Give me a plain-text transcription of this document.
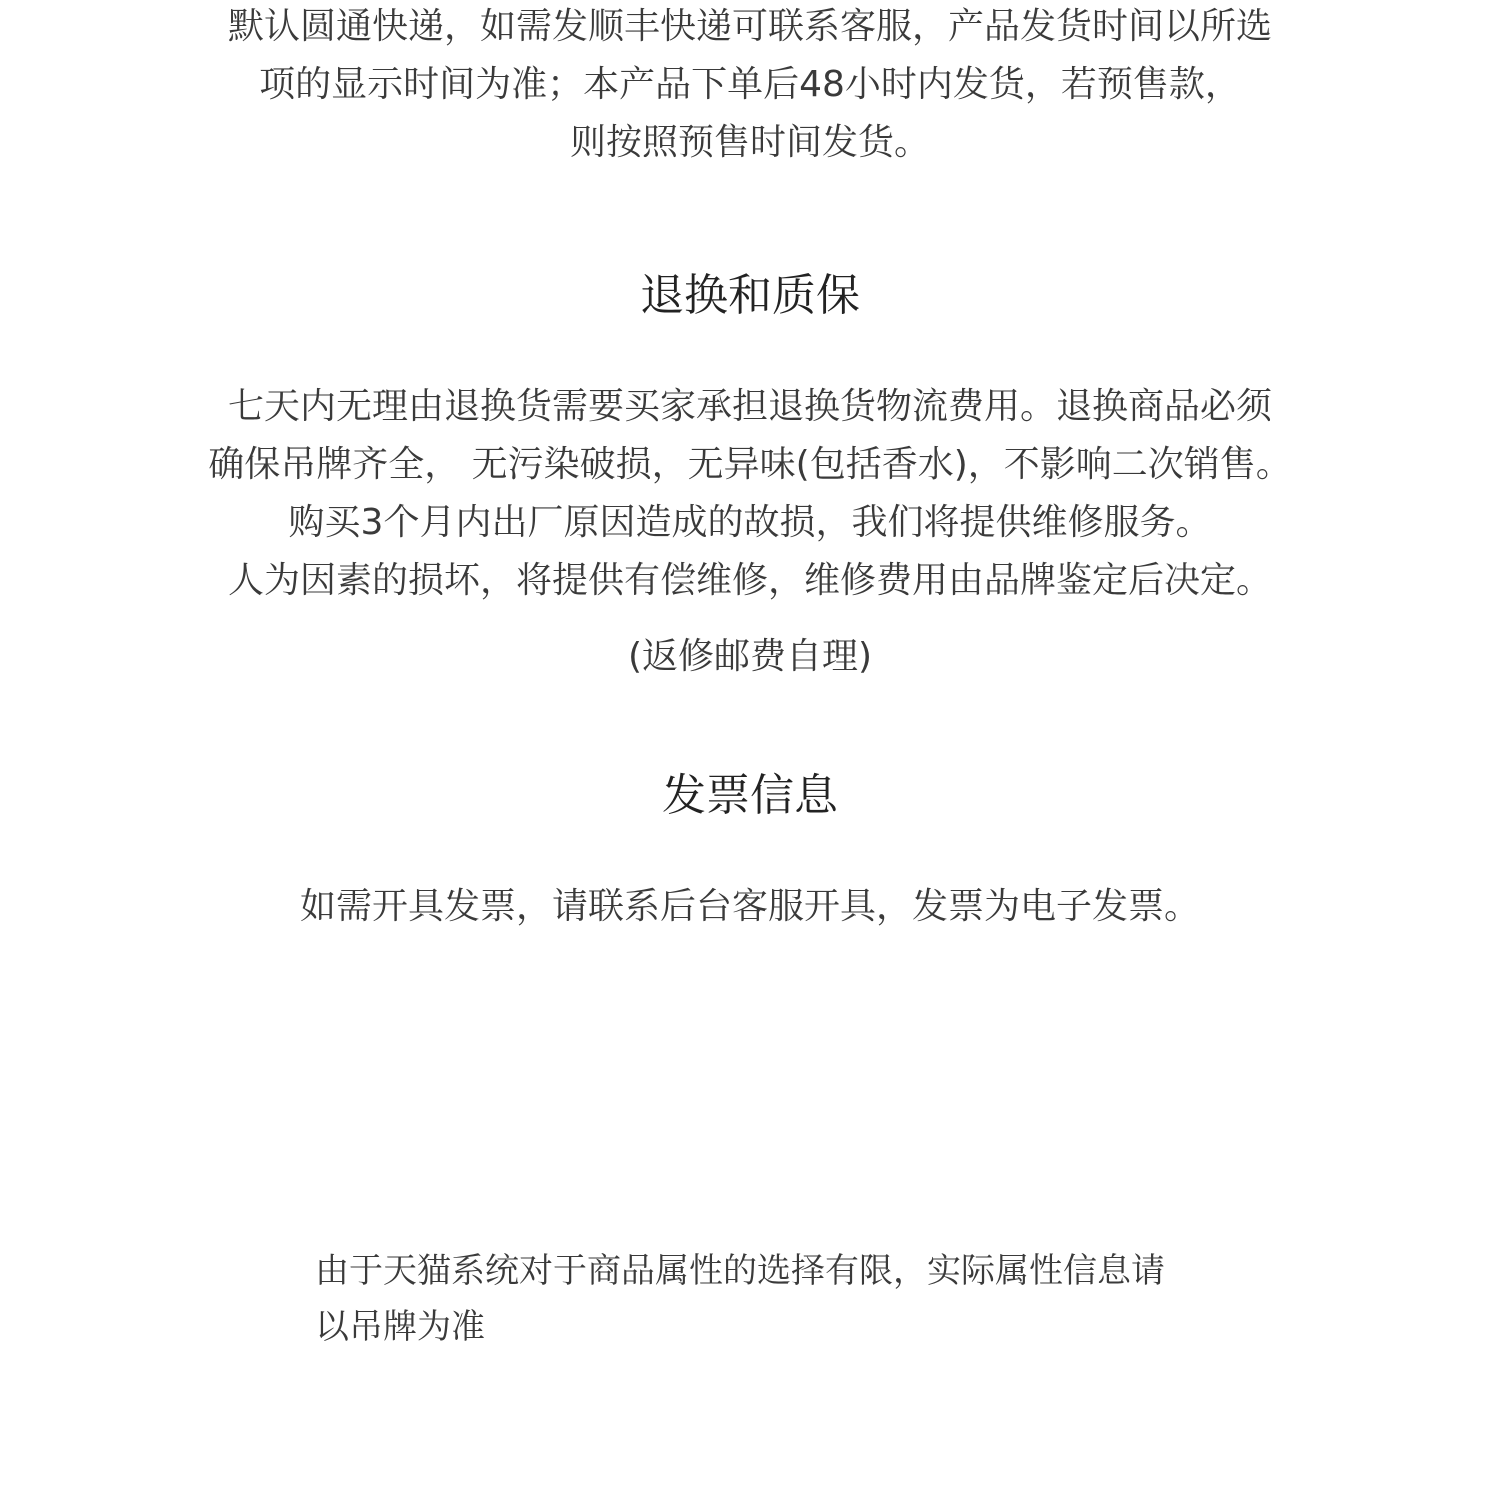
默认圆通快递，如需发顺丰快递可联系客服，产品发货时间以所选
项的显示时间为准；本产品下单后48小时内发货，若预售款，
则按照预售时间发货。
退换和质保
七天内无理由退换货需要买家承担退换货物流费用。退换商品必须
确保吊牌齐全， 无污染破损，无异味(包括香水)，不影响二次销售。
购买3个月内出厂原因造成的故损，我们将提供维修服务。
人为因素的损坏，将提供有偿维修，维修费用由品牌鉴定后决定。
(返修邮费自理)
发票信息
如需开具发票，请联系后台客服开具，发票为电子发票。
由于天猫系统对于商品属性的选择有限，实际属性信息请
以吊牌为准
